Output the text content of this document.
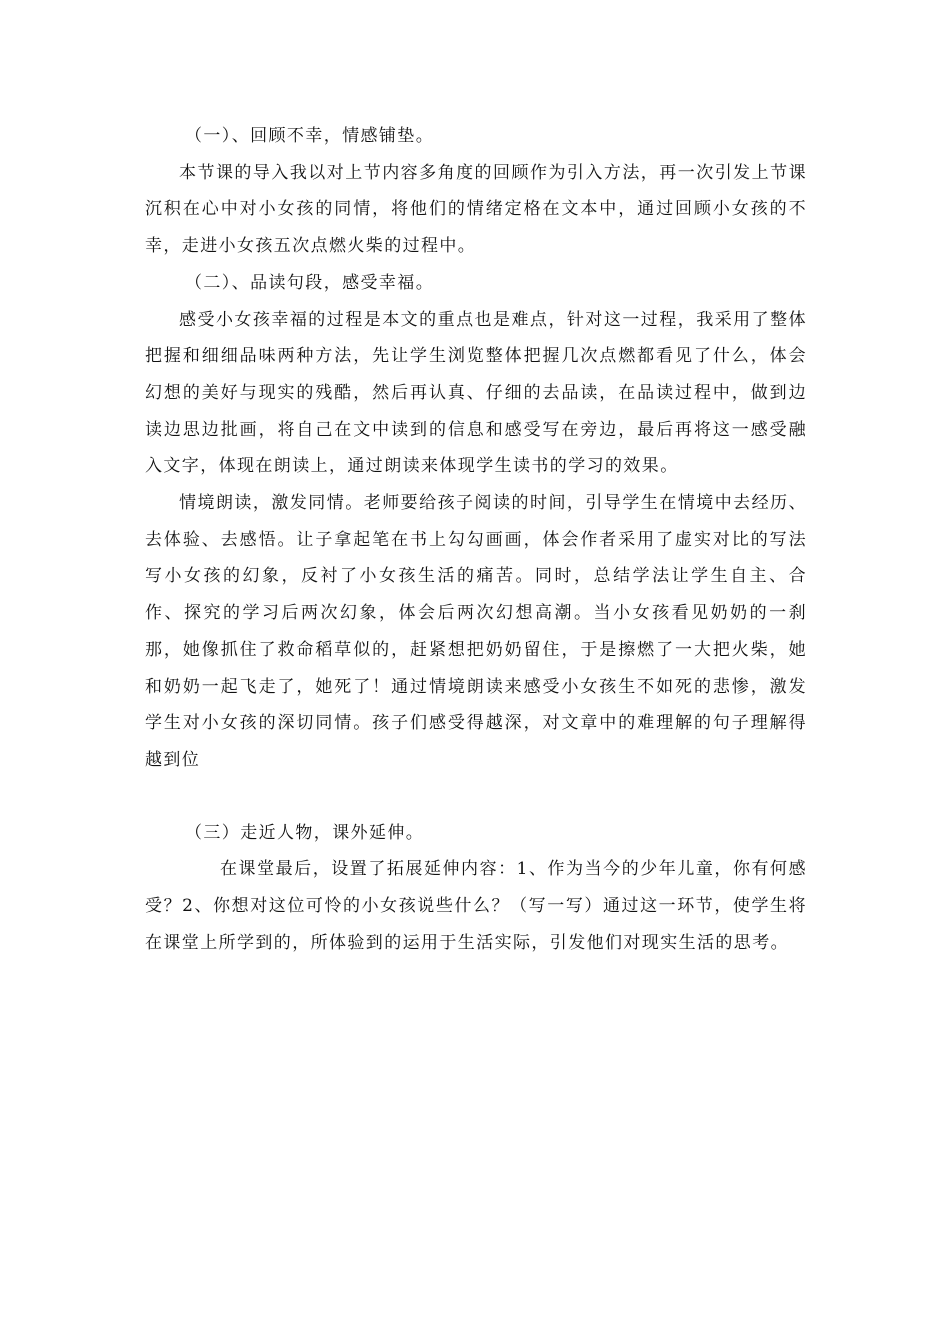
（一）、回顾不幸，情感铺垫。

本节课的导入我以对上节内容多角度的回顾作为引入方法，再一次引发上节课沉积在心中对小女孩的同情，将他们的情绪定格在文本中，通过回顾小女孩的不幸，走进小女孩五次点燃火柴的过程中。

（二）、品读句段，感受幸福。

感受小女孩幸福的过程是本文的重点也是难点，针对这一过程，我采用了整体把握和细细品味两种方法，先让学生浏览整体把握几次点燃都看见了什么，体会幻想的美好与现实的残酷，然后再认真、仔细的去品读，在品读过程中，做到边读边思边批画，将自己在文中读到的信息和感受写在旁边，最后再将这一感受融入文字，体现在朗读上，通过朗读来体现学生读书的学习的效果。

情境朗读，激发同情。老师要给孩子阅读的时间，引导学生在情境中去经历、去体验、去感悟。让子拿起笔在书上勾勾画画，体会作者采用了虚实对比的写法写小女孩的幻象，反衬了小女孩生活的痛苦。同时，总结学法让学生自主、合作、探究的学习后两次幻象，体会后两次幻想高潮。当小女孩看见奶奶的一刹那，她像抓住了救命稻草似的，赶紧想把奶奶留住，于是擦燃了一大把火柴，她和奶奶一起飞走了，她死了！通过情境朗读来感受小女孩生不如死的悲惨，激发学生对小女孩的深切同情。孩子们感受得越深，对文章中的难理解的句子理解得越到位

（三）走近人物，课外延伸。

在课堂最后，设置了拓展延伸内容：1、作为当今的少年儿童，你有何感受？2、你想对这位可怜的小女孩说些什么？（写一写）通过这一环节，使学生将在课堂上所学到的，所体验到的运用于生活实际，引发他们对现实生活的思考。
